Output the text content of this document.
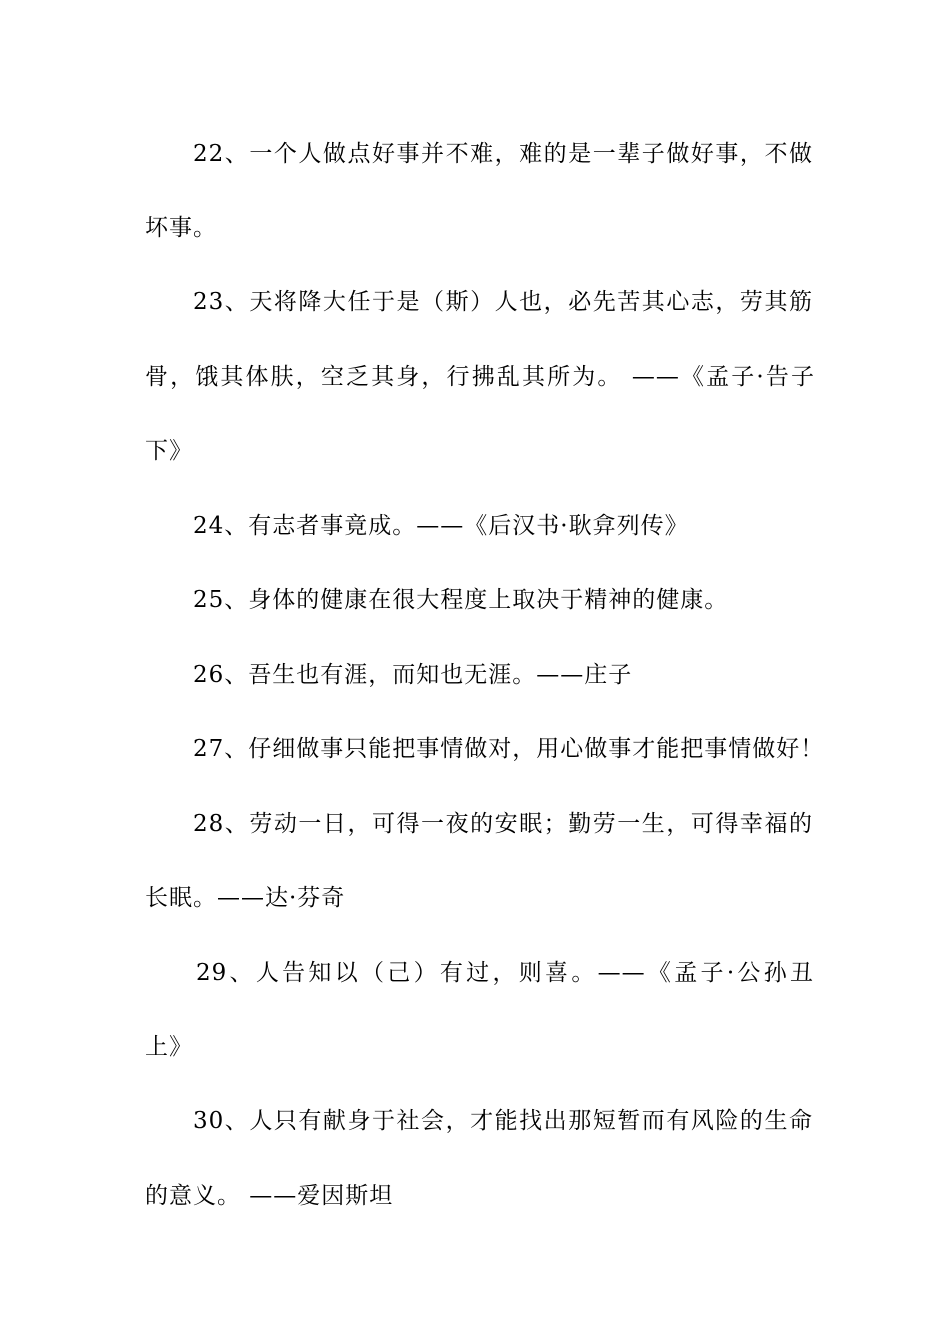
22、一个人做点好事并不难，难的是一辈子做好事，不做
坏事。
23、天将降大任于是（斯）人也，必先苦其心志，劳其筋
骨，饿其体肤，空乏其身，行拂乱其所为。 ——《孟子·告子
下》
24、有志者事竟成。——《后汉书·耿弇列传》
25、身体的健康在很大程度上取决于精神的健康。
26、吾生也有涯，而知也无涯。——庄子
27、仔细做事只能把事情做对，用心做事才能把事情做好！
28、劳动一日，可得一夜的安眠；勤劳一生，可得幸福的
长眠。——达·芬奇
29、人告知以（己）有过，则喜。——《孟子·公孙丑
上》
30、人只有献身于社会，才能找出那短暂而有风险的生命
的意义。 ——爱因斯坦
